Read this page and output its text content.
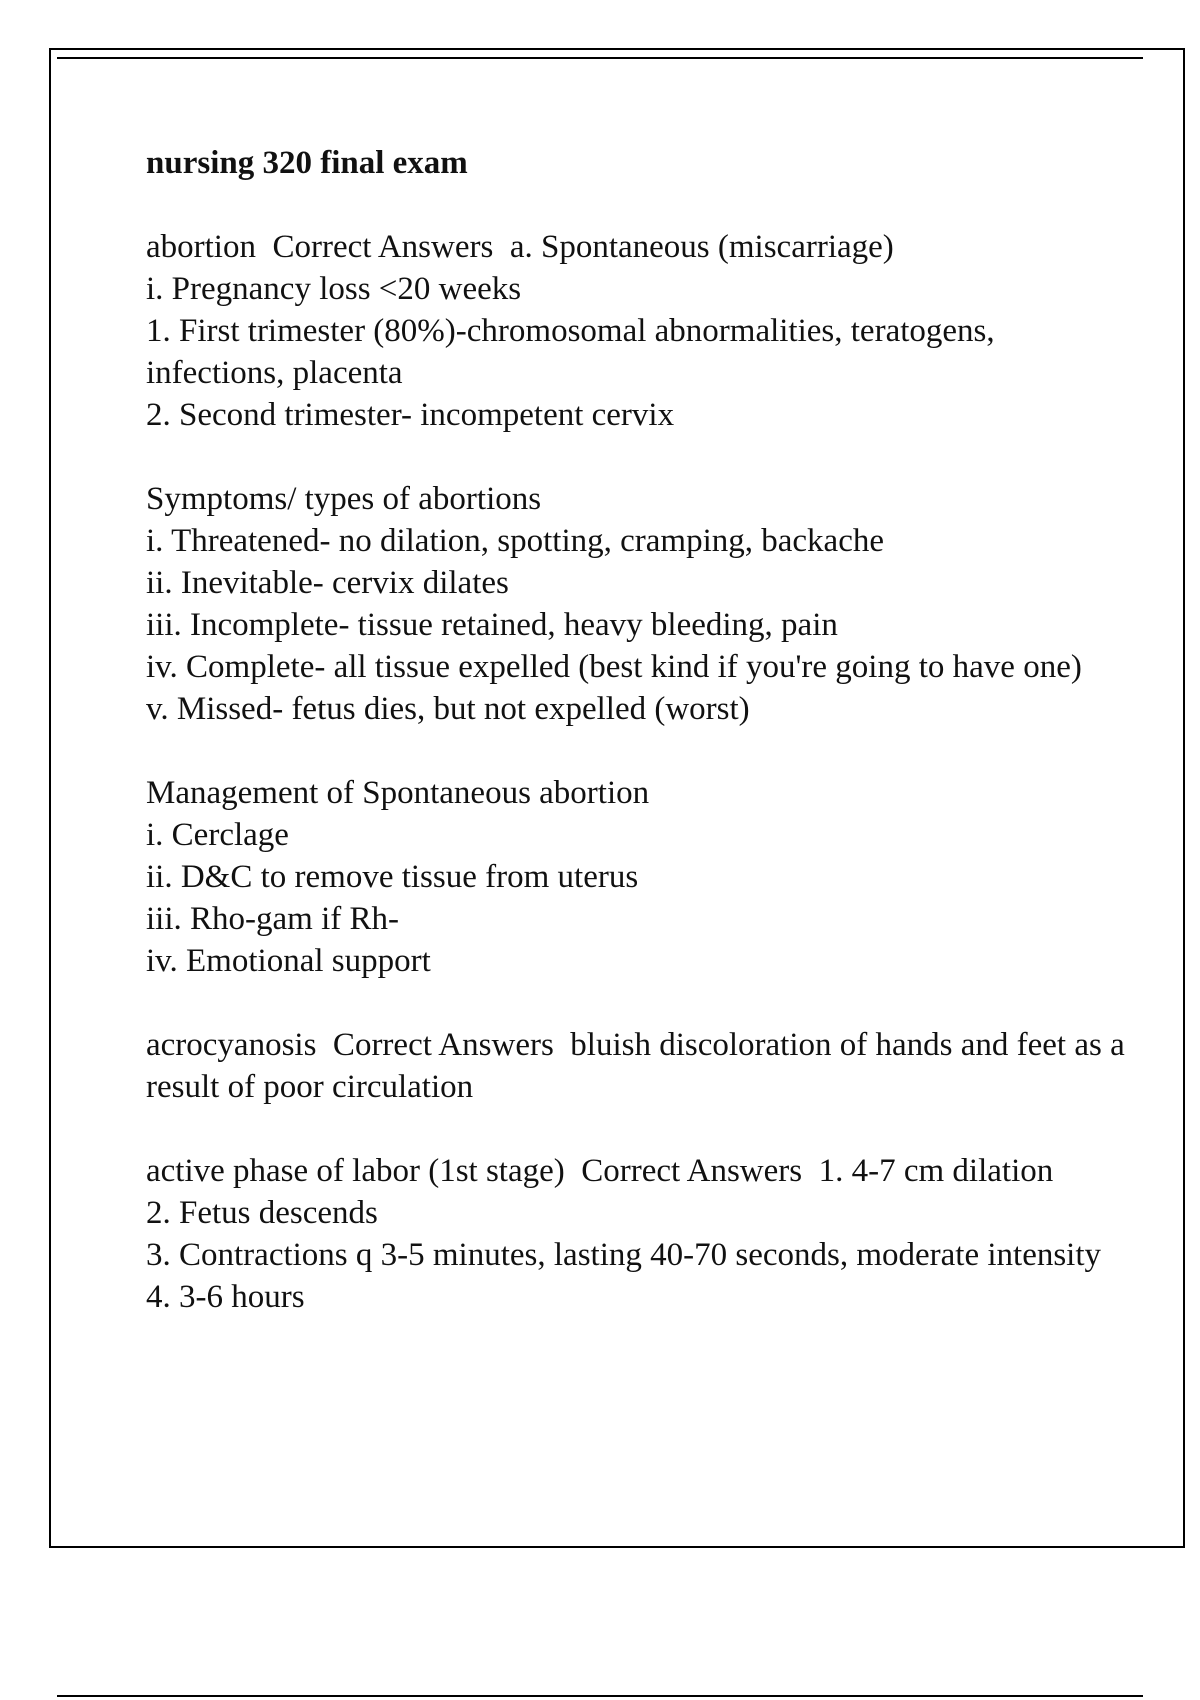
nursing 320 final exam
abortion  Correct Answers  a. Spontaneous (miscarriage)
i. Pregnancy loss <20 weeks
1. First trimester (80%)-chromosomal abnormalities, teratogens, infections, placenta
2. Second trimester- incompetent cervix
Symptoms/ types of abortions
i. Threatened- no dilation, spotting, cramping, backache
ii. Inevitable- cervix dilates
iii. Incomplete- tissue retained, heavy bleeding, pain
iv. Complete- all tissue expelled (best kind if you're going to have one)
v. Missed- fetus dies, but not expelled (worst)
Management of Spontaneous abortion
i. Cerclage
ii. D&C to remove tissue from uterus
iii. Rho-gam if Rh-
iv. Emotional support
acrocyanosis  Correct Answers  bluish discoloration of hands and feet as a result of poor circulation
active phase of labor (1st stage)  Correct Answers  1. 4-7 cm dilation
2. Fetus descends
3. Contractions q 3-5 minutes, lasting 40-70 seconds, moderate intensity
4. 3-6 hours
